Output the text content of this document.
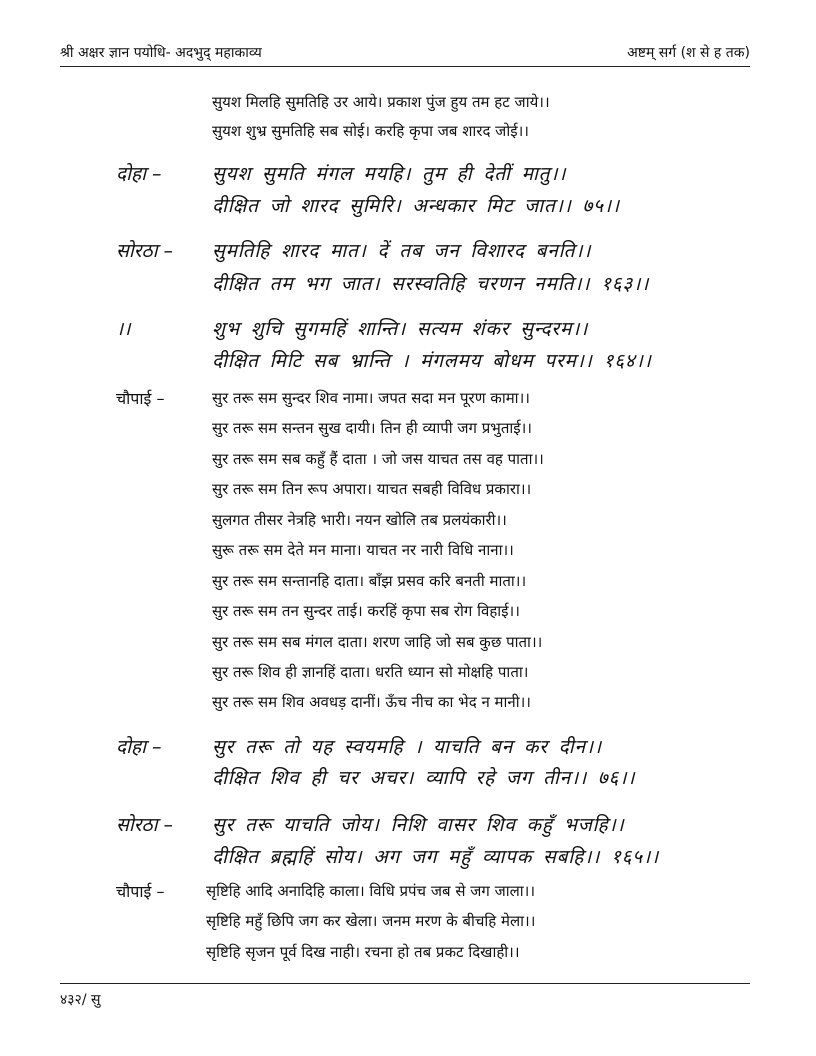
श्री अक्षर ज्ञान पयोधि- अदभुद् महाकाव्य	अष्टम् सर्ग (श से ह तक)
सुयश मिलहि सुमतिहि उर आये। प्रकाश पुंज हुय तम हट जाये।।
सुयश शुभ्र सुमतिहि सब सोई। करहि कृपा जब शारद जोई।।
दोहा –	सुयश सुमति मंगल मयहि। तुम ही देतीं मातु।।
दीक्षित जो शारद सुमिरि। अन्धकार मिट जात।। ७५।।
सोरठा – सुमतिहि शारद मात। दें तब जन विशारद बनति।।
दीक्षित तम भग जात। सरस्वतिहि चरणन नमति।। १६३।।
।।	शुभ शुचि सुगमहिं शान्ति। सत्यम शंकर सुन्दरम।।
दीक्षित मिटि सब भ्रान्ति । मंगलमय बोधम परम।। १६४।।
चौपाई –	सुर तरू सम सुन्दर शिव नामा। जपत सदा मन पूरण कामा।।
सुर तरू सम सन्तन सुख दायी। तिन ही व्यापी जग प्रभुताई।।
सुर तरू सम सब कहुँ हैं दाता । जो जस याचत तस वह पाता।।
सुर तरू सम तिन रूप अपारा। याचत सबही विविध प्रकारा।।
सुलगत तीसर नेत्रहि भारी। नयन खोलि तब प्रलयंकारी।।
सुरू तरू सम देते मन माना। याचत नर नारी विधि नाना।।
सुर तरू सम सन्तानहि दाता। बाँझ प्रसव करि बनती माता।।
सुर तरू सम तन सुन्दर ताई। करहिं कृपा सब रोग विहाई।।
सुर तरू सम सब मंगल दाता। शरण जाहि जो सब कुछ पाता।।
सुर तरू शिव ही ज्ञानहिं दाता। धरति ध्यान सो मोक्षहि पाता।
सुर तरू सम शिव अवधड़ दानीं। ऊँच नीच का भेद न मानी।।
दोहा –	सुर तरू तो यह स्वयमहि । याचति बन कर दीन।।
दीक्षित शिव ही चर अचर। व्यापि रहे जग तीन।। ७६।।
सोरठा – सुर तरू याचति जोय। निशि वासर शिव कहुँ भजहि।।
दीक्षित ब्रह्महिं सोय। अग जग महुँ व्यापक सबहि।। १६५।।
चौपाई –	सृष्टिहि आदि अनादिहि काला। विधि प्रपंच जब से जग जाला।।
सृष्टिहि महुँ छिपि जग कर खेला। जनम मरण के बीचहि मेला।।
सृष्टिहि सृजन पूर्व दिख नाही। रचना हो तब प्रकट दिखाही।।
४३२/ सु
